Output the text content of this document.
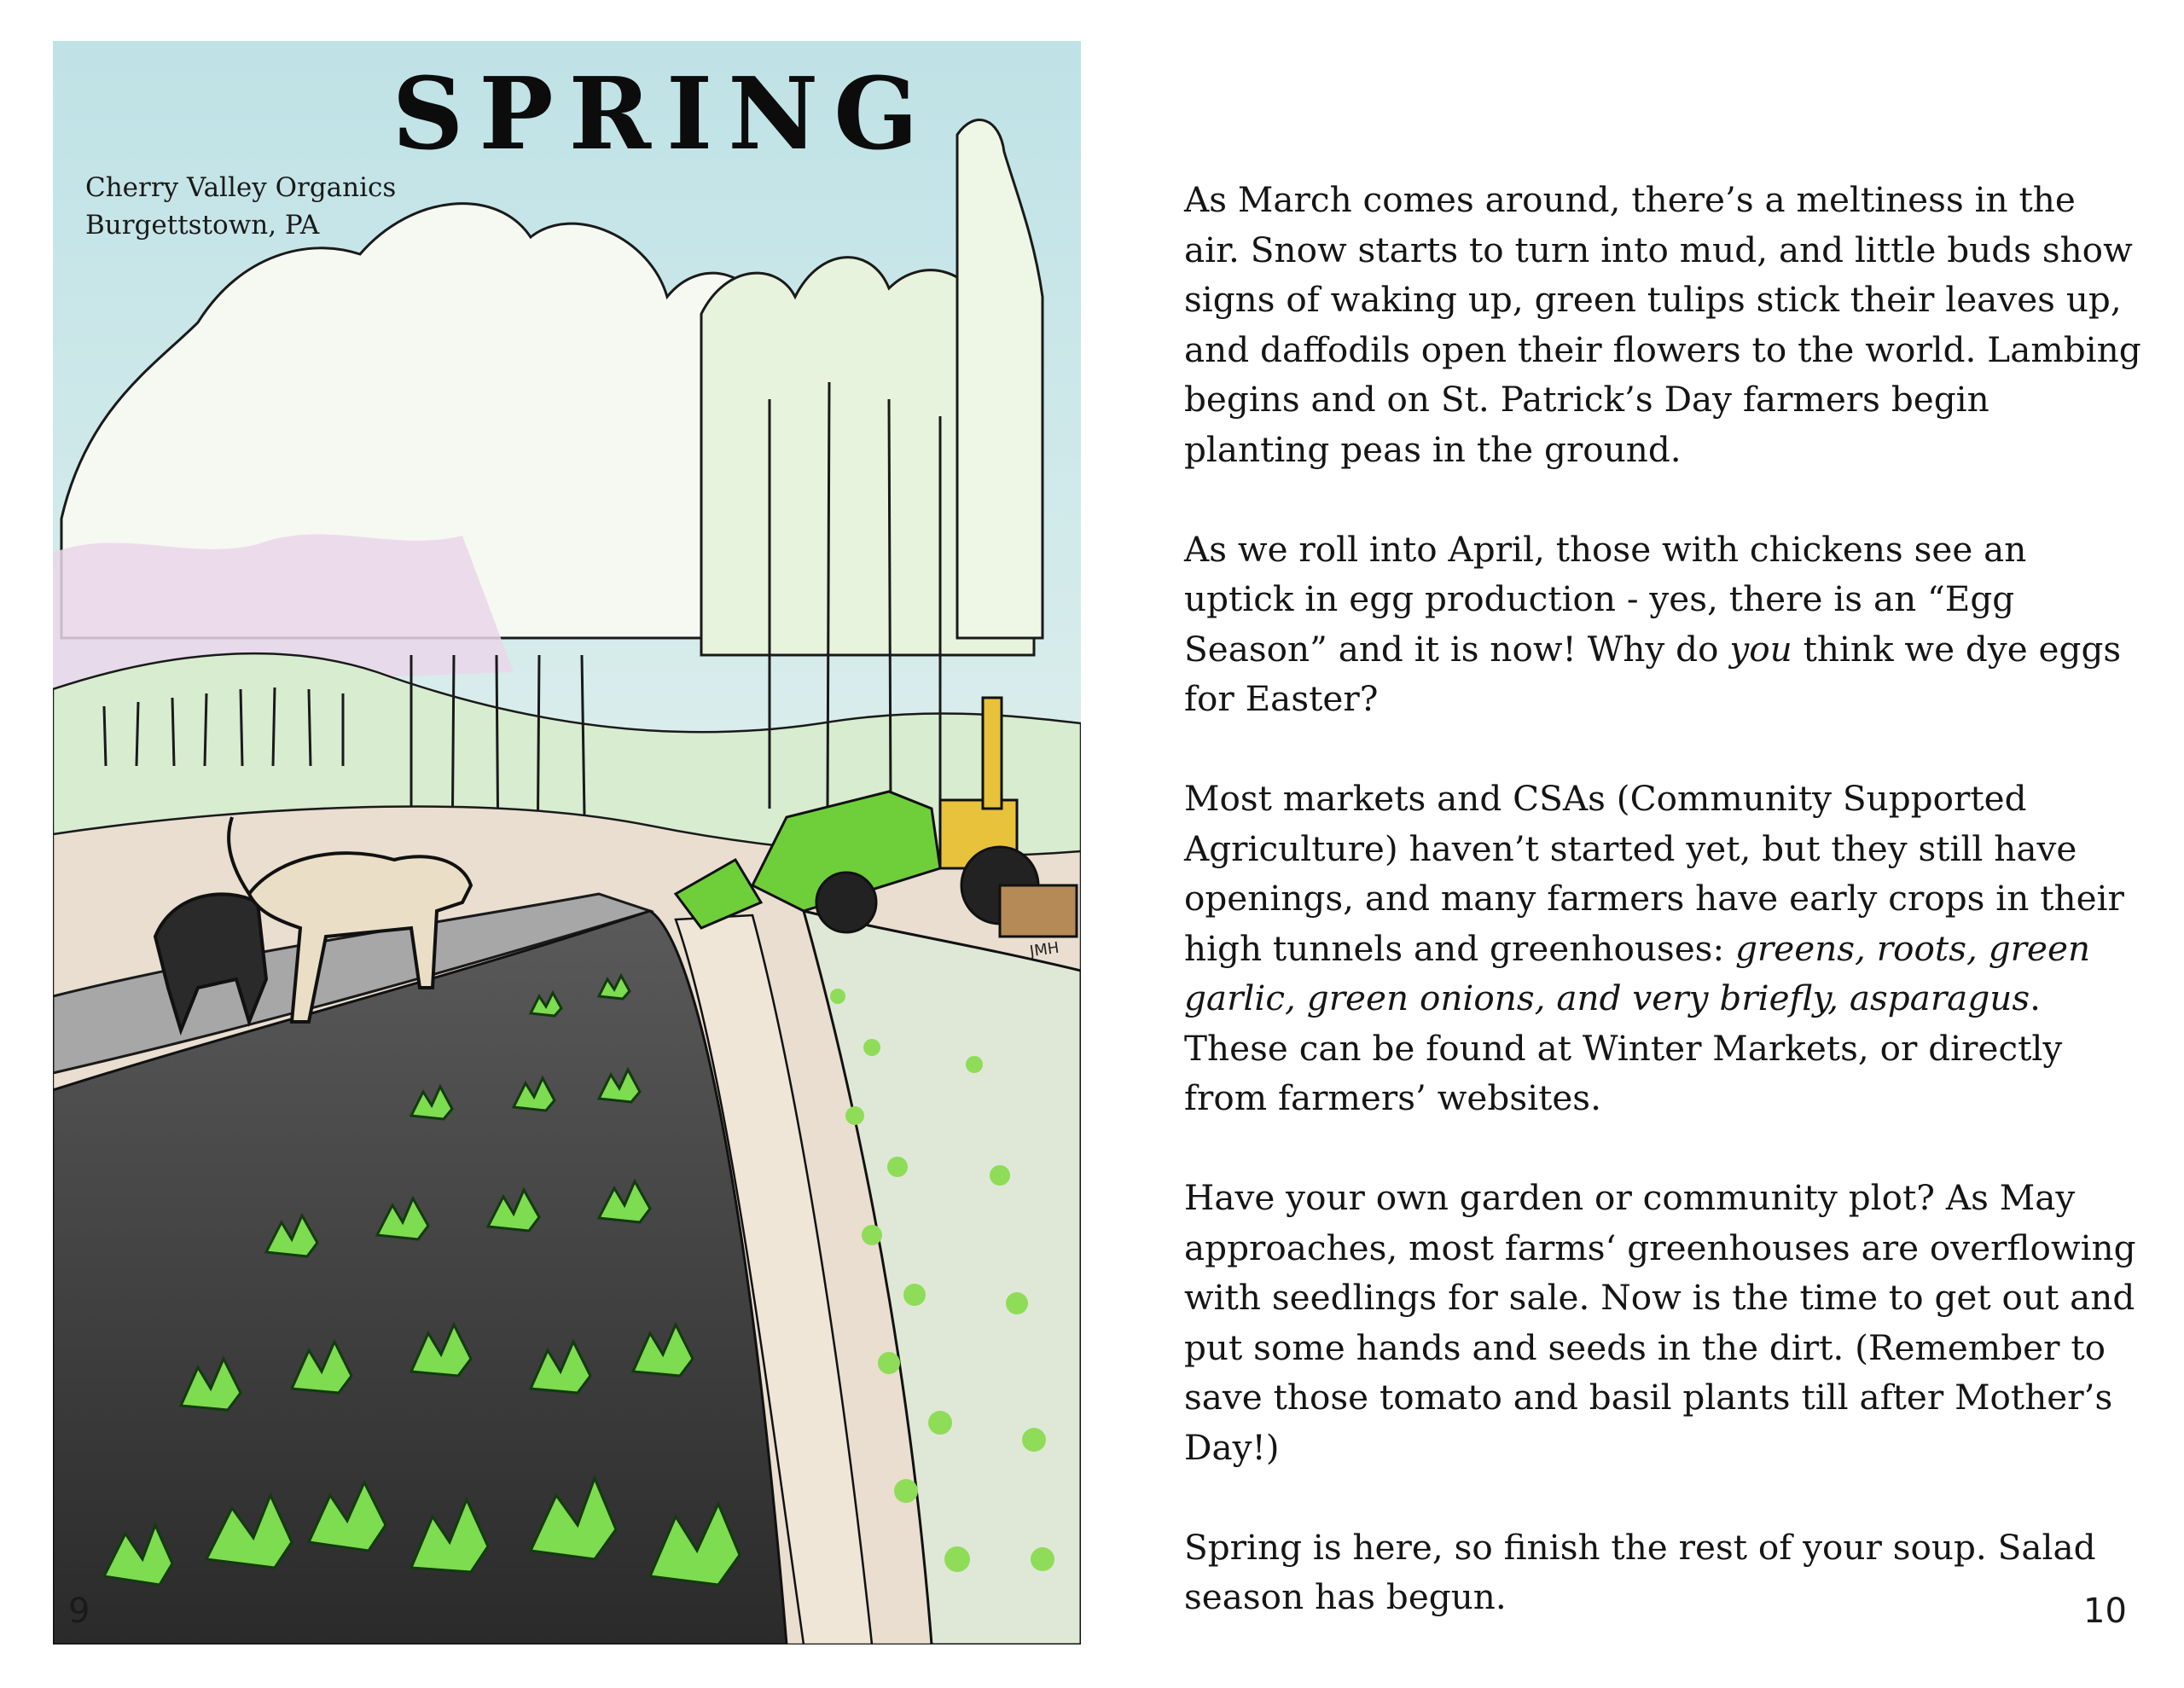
SPRING
Cherry Valley Organics
Burgettstown, PA
JMH
9

As March comes around, there’s a meltiness in the air. Snow starts to turn into mud, and little buds show signs of waking up, green tulips stick their leaves up, and daffodils open their flowers to the world. Lambing begins and on St. Patrick’s Day farmers begin planting peas in the ground.

As we roll into April, those with chickens see an uptick in egg production - yes, there is an “Egg Season” and it is now! Why do you think we dye eggs for Easter?

Most markets and CSAs (Community Supported Agriculture) haven’t started yet, but they still have openings, and many farmers have early crops in their high tunnels and greenhouses: greens, roots, green garlic, green onions, and very briefly, asparagus. These can be found at Winter Markets, or directly from farmers’ websites.

Have your own garden or community plot? As May approaches, most farms‘ greenhouses are overflowing with seedlings for sale. Now is the time to get out and put some hands and seeds in the dirt. (Remember to save those tomato and basil plants till after Mother’s Day!)

Spring is here, so finish the rest of your soup. Salad season has begun.	10
